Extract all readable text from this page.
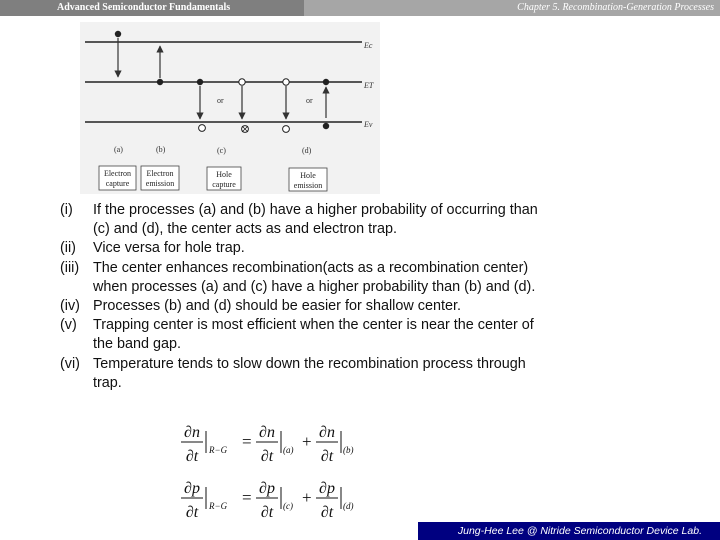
Advanced Semiconductor Fundamentals	Chapter 5. Recombination-Generation Processes
Ec
ET
Ev
or	or
(a)	(b)	(c)	(d)
Electron
capture
Electron
emission
Hole
capture
Hole
emission
(i) If the processes (a) and (b) have a higher probability of occurring than (c) and (d), the center acts as and electron trap.
(ii) Vice versa for hole trap.
(iii) The center enhances recombination(acts as a recombination center) when processes (a) and (c) have a higher probability than (b) and (d).
(iv) Processes (b) and (d) should be easier for shallow center.
(v) Trapping center is most efficient when the center is near the center of the band gap.
(vi) Temperature tends to slow down the recombination process through trap.
∂n
∂t R−G = ∂n
∂t (a) + ∂n
∂t (b)
∂p
∂t R−G = ∂p
∂t (c) + ∂p
∂t (d)
Jung-Hee Lee @ Nitride Semiconductor Device Lab.
